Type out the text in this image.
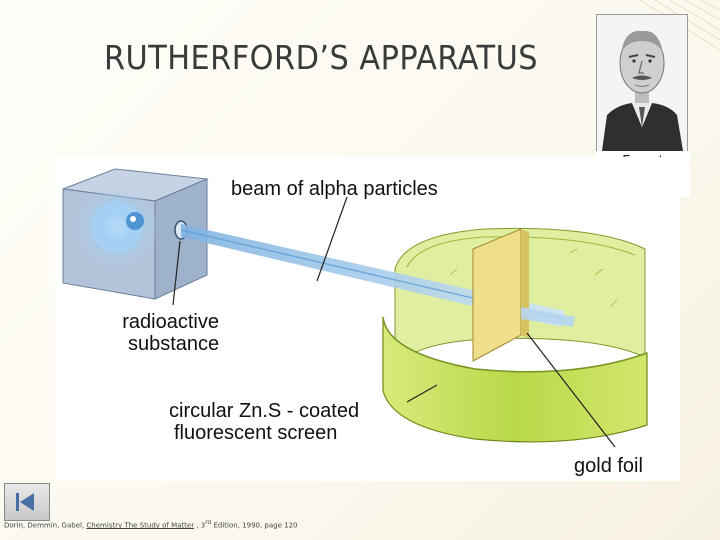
RUTHERFORD’S APPARATUS
beam of alpha particles
radioactive
substance
circular Zn.S - coated
fluorescent screen
gold foil
Dorin, Demmin, Gabel, Chemistry The Study of Matter , 3rd Edition, 1990, page 120
